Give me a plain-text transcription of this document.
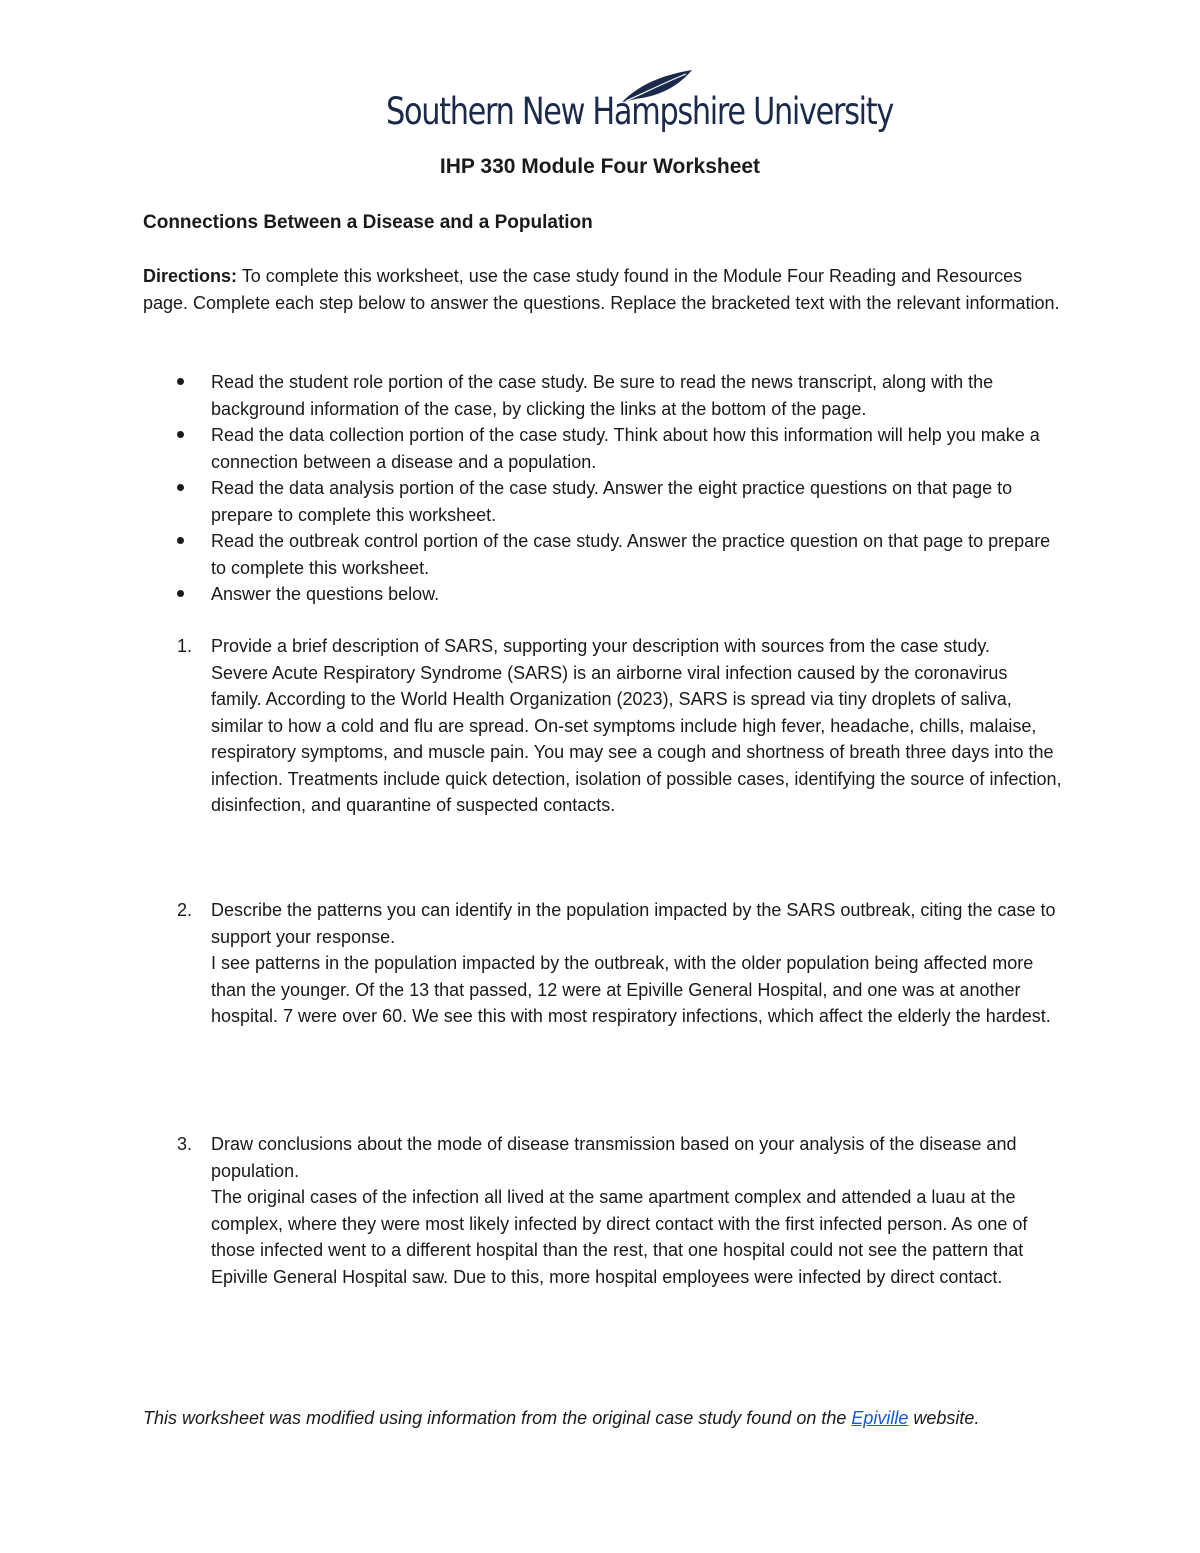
Southern New Hampshire University
IHP 330 Module Four Worksheet
Connections Between a Disease and a Population

Directions: To complete this worksheet, use the case study found in the Module Four Reading and Resources page. Complete each step below to answer the questions. Replace the bracketed text with the relevant information.

Read the student role portion of the case study. Be sure to read the news transcript, along with the background information of the case, by clicking the links at the bottom of the page.
Read the data collection portion of the case study. Think about how this information will help you make a connection between a disease and a population.
Read the data analysis portion of the case study. Answer the eight practice questions on that page to prepare to complete this worksheet.
Read the outbreak control portion of the case study. Answer the practice question on that page to prepare to complete this worksheet.
Answer the questions below.
1. Provide a brief description of SARS, supporting your description with sources from the case study.
Severe Acute Respiratory Syndrome (SARS) is an airborne viral infection caused by the coronavirus family. According to the World Health Organization (2023), SARS is spread via tiny droplets of saliva, similar to how a cold and flu are spread. On-set symptoms include high fever, headache, chills, malaise, respiratory symptoms, and muscle pain. You may see a cough and shortness of breath three days into the infection. Treatments include quick detection, isolation of possible cases, identifying the source of infection, disinfection, and quarantine of suspected contacts.
2. Describe the patterns you can identify in the population impacted by the SARS outbreak, citing the case to support your response.
I see patterns in the population impacted by the outbreak, with the older population being affected more than the younger. Of the 13 that passed, 12 were at Epiville General Hospital, and one was at another hospital. 7 were over 60. We see this with most respiratory infections, which affect the elderly the hardest.
3. Draw conclusions about the mode of disease transmission based on your analysis of the disease and population.
The original cases of the infection all lived at the same apartment complex and attended a luau at the complex, where they were most likely infected by direct contact with the first infected person. As one of those infected went to a different hospital than the rest, that one hospital could not see the pattern that Epiville General Hospital saw. Due to this, more hospital employees were infected by direct contact.

This worksheet was modified using information from the original case study found on the Epiville website.
